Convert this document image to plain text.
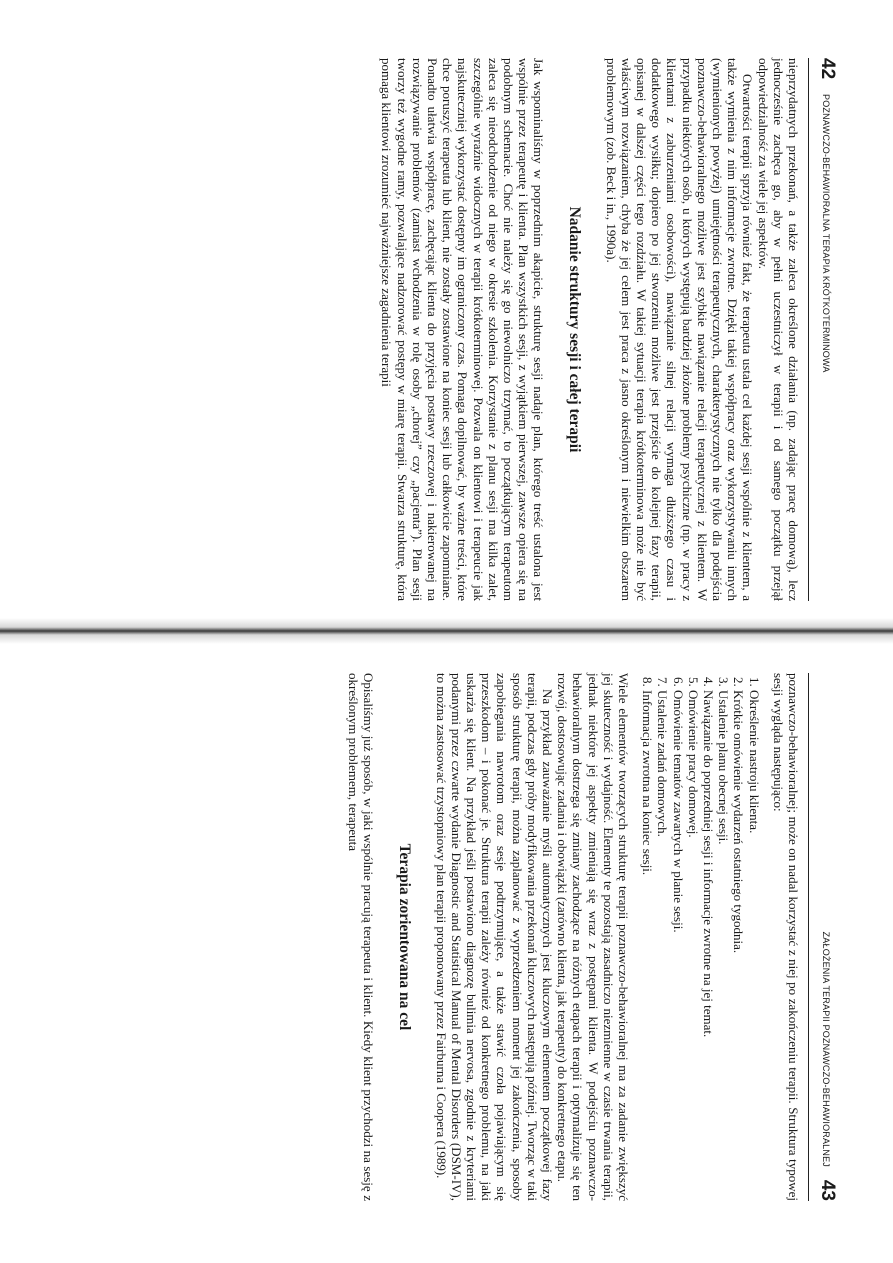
42
POZNAWCZO-BEHAWIORALNA TERAPIA KRÓTKOTERMINOWA

nieprzydatnych przekonań, a także zaleca określone działania (np. zadając pracę domową), lecz jednocześnie zachęca go, aby w pełni uczestniczył w terapii i od samego początku przejął odpowiedzialność za wiele jej aspektów.

Otwartości terapii sprzyja również fakt, że terapeuta ustala cel każdej sesji wspólnie z klientem, a także wymienia z nim informacje zwrotne. Dzięki takiej współpracy oraz wykorzystywaniu innych (wymienionych powyżej) umiejętności terapeutycznych, charakterystycznych nie tylko dla podejścia poznawczo-behawioralnego możliwe jest szybkie nawiązanie relacji terapeutycznej z klientem. W przypadku niektórych osób, u których występują bardziej złożone problemy psychiczne (np. w pracy z klientami z zaburzeniami osobowości), nawiązanie silnej relacji wymaga dłuższego czasu i dodatkowego wysiłku; dopiero po jej stworzeniu możliwe jest przejście do kolejnej fazy terapii, opisanej w dalszej części tego rozdziału. W takiej sytuacji terapia krótkoterminowa może nie być właściwym rozwiązaniem, chyba że jej celem jest praca z jasno określonym i niewielkim obszarem problemowym (zob. Beck i in., 1990a).

Nadanie struktury sesji i całej terapii

Jak wspominaliśmy w poprzednim akapicie, strukturę sesji nadaje plan, którego treść ustalona jest wspólnie przez terapeutę i klienta. Plan wszystkich sesji, z wyjątkiem pierwszej, zawsze opiera się na podobnym schemacie. Choć nie należy się go niewolniczo trzymać, to początkującym terapeutom zaleca się nieodchodzenie od niego w okresie szkolenia. Korzystanie z planu sesji ma kilka zalet, szczególnie wyraźnie widocznych w terapii krótkoterminowej. Pozwala on klientowi i terapeucie jak najskuteczniej wykorzystać dostępny im ograniczony czas. Pomaga dopilnować, by ważne treści, które chce poruszyć terapeuta lub klient, nie zostały zostawione na koniec sesji lub całkowicie zapomniane. Ponadto ułatwia współpracę, zachęcając klienta do przyjęcia postawy rzeczowej i nakierowanej na rozwiązywanie problemów (zamiast wchodzenia w rolę osoby „chorej” czy „pacjenta”). Plan sesji tworzy też wygodne ramy, pozwalające nadzorować postępy w miarę terapii. Stwarza strukturę, która pomaga klientowi zrozumieć najważniejsze zagadnienia terapii

ZAŁOŻENIA TERAPII POZNAWCZO-BEHAWIORALNEJ
43

poznawczo-behawioralnej; może on nadal korzystać z niej po zakończeniu terapii. Struktura typowej sesji wygląda następująco:

1. Określenie nastroju klienta.
2. Krótkie omówienie wydarzeń ostatniego tygodnia.
3. Ustalenie planu obecnej sesji.
4. Nawiązanie do poprzedniej sesji i informacje zwrotne na jej temat.
5. Omówienie pracy domowej.
6. Omówienie tematów zawartych w planie sesji.
7. Ustalenie zadań domowych.
8. Informacja zwrotna na koniec sesji.

Wiele elementów tworzących strukturę terapii poznawczo-behawioralnej ma za zadanie zwiększyć jej skuteczność i wydajność. Elementy te pozostają zasadniczo niezmienne w czasie trwania terapii, jednak niektóre jej aspekty zmieniają się wraz z postępami klienta. W podejściu poznawczo-behawioralnym dostrzega się zmiany zachodzące na różnych etapach terapii i optymalizuje się ten rozwój, dostosowując zadania i obowiązki (zarówno klienta, jak terapeuty) do konkretnego etapu.

Na przykład zauważanie myśli automatycznych jest kluczowym elementem początkowej fazy terapii, podczas gdy próby modyfikowania przekonań kluczowych następują później. Tworząc w taki sposób strukturę terapii, można zaplanować z wyprzedzeniem moment jej zakończenia, sposoby zapobiegania nawrotom oraz sesje podtrzymujące, a także stawić czoła pojawiającym się przeszkodom – i pokonać je. Struktura terapii zależy również od konkretnego problemu, na jaki uskarża się klient. Na przykład jeśli postawiono diagnozę bulimia nervosa, zgodnie z kryteriami podanymi przez czwarte wydanie Diagnostic and Statistical Manual of Mental Disorders (DSM-IV), to można zastosować trzystopniowy plan terapii proponowany przez Fairburna i Coopera (1989).

Terapia zorientowana na cel

Opisaliśmy już sposób, w jaki wspólnie pracują terapeuta i klient. Kiedy klient przychodzi na sesję z określonym problemem, terapeuta
